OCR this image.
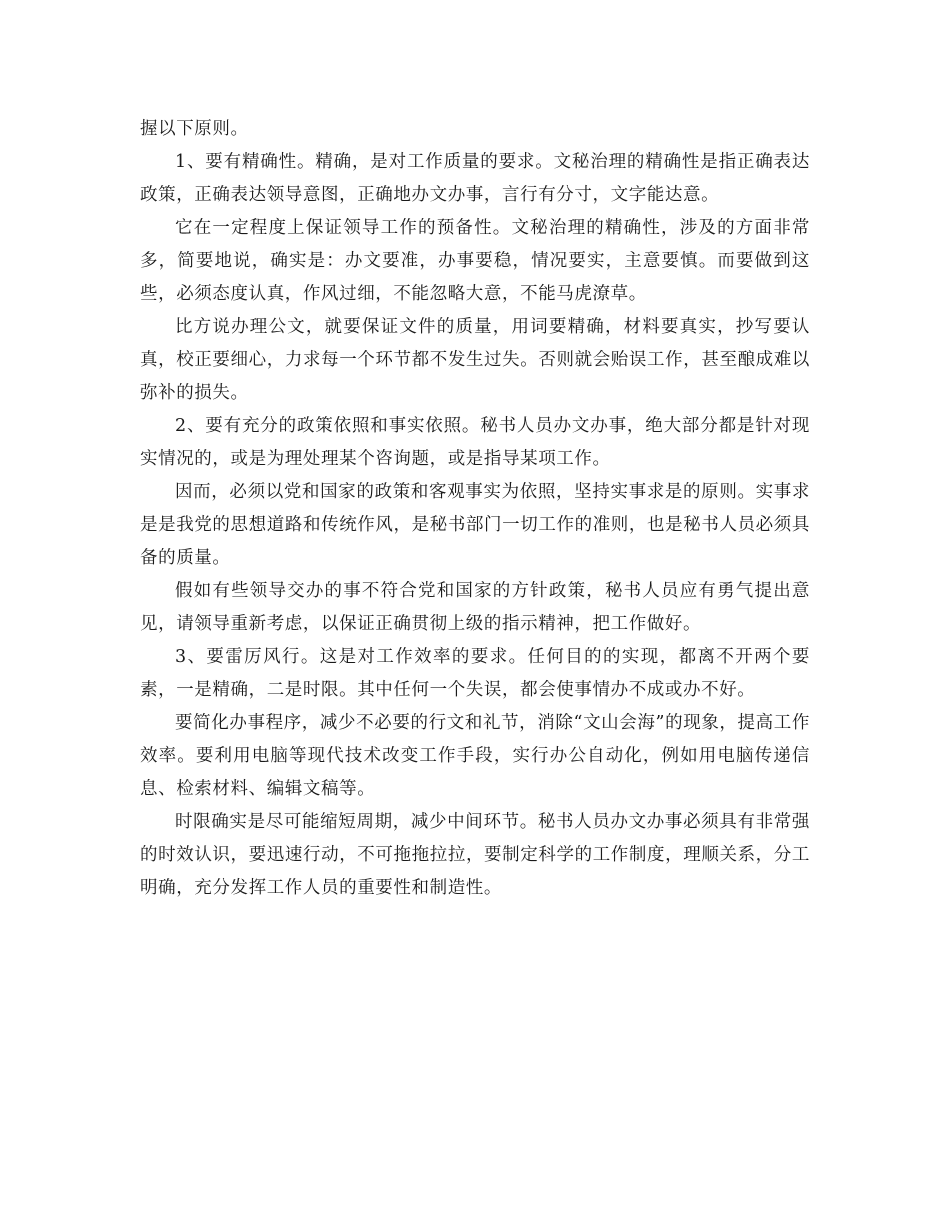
握以下原则。

1、要有精确性。精确，是对工作质量的要求。文秘治理的精确性是指正确表达政策，正确表达领导意图，正确地办文办事，言行有分寸，文字能达意。

它在一定程度上保证领导工作的预备性。文秘治理的精确性，涉及的方面非常多，简要地说，确实是：办文要准，办事要稳，情况要实，主意要慎。而要做到这些，必须态度认真，作风过细，不能忽略大意，不能马虎潦草。

比方说办理公文，就要保证文件的质量，用词要精确，材料要真实，抄写要认真，校正要细心，力求每一个环节都不发生过失。否则就会贻误工作，甚至酿成难以弥补的损失。

2、要有充分的政策依照和事实依照。秘书人员办文办事，绝大部分都是针对现实情况的，或是为理处理某个咨询题，或是指导某项工作。

因而，必须以党和国家的政策和客观事实为依照，坚持实事求是的原则。实事求是是我党的思想道路和传统作风，是秘书部门一切工作的准则，也是秘书人员必须具备的质量。

假如有些领导交办的事不符合党和国家的方针政策，秘书人员应有勇气提出意见，请领导重新考虑，以保证正确贯彻上级的指示精神，把工作做好。

3、要雷厉风行。这是对工作效率的要求。任何目的的实现，都离不开两个要素，一是精确，二是时限。其中任何一个失误，都会使事情办不成或办不好。

要简化办事程序，减少不必要的行文和礼节，消除“文山会海”的现象，提高工作效率。要利用电脑等现代技术改变工作手段，实行办公自动化，例如用电脑传递信息、检索材料、编辑文稿等。

时限确实是尽可能缩短周期，减少中间环节。秘书人员办文办事必须具有非常强的时效认识，要迅速行动，不可拖拖拉拉，要制定科学的工作制度，理顺关系，分工明确，充分发挥工作人员的重要性和制造性。
